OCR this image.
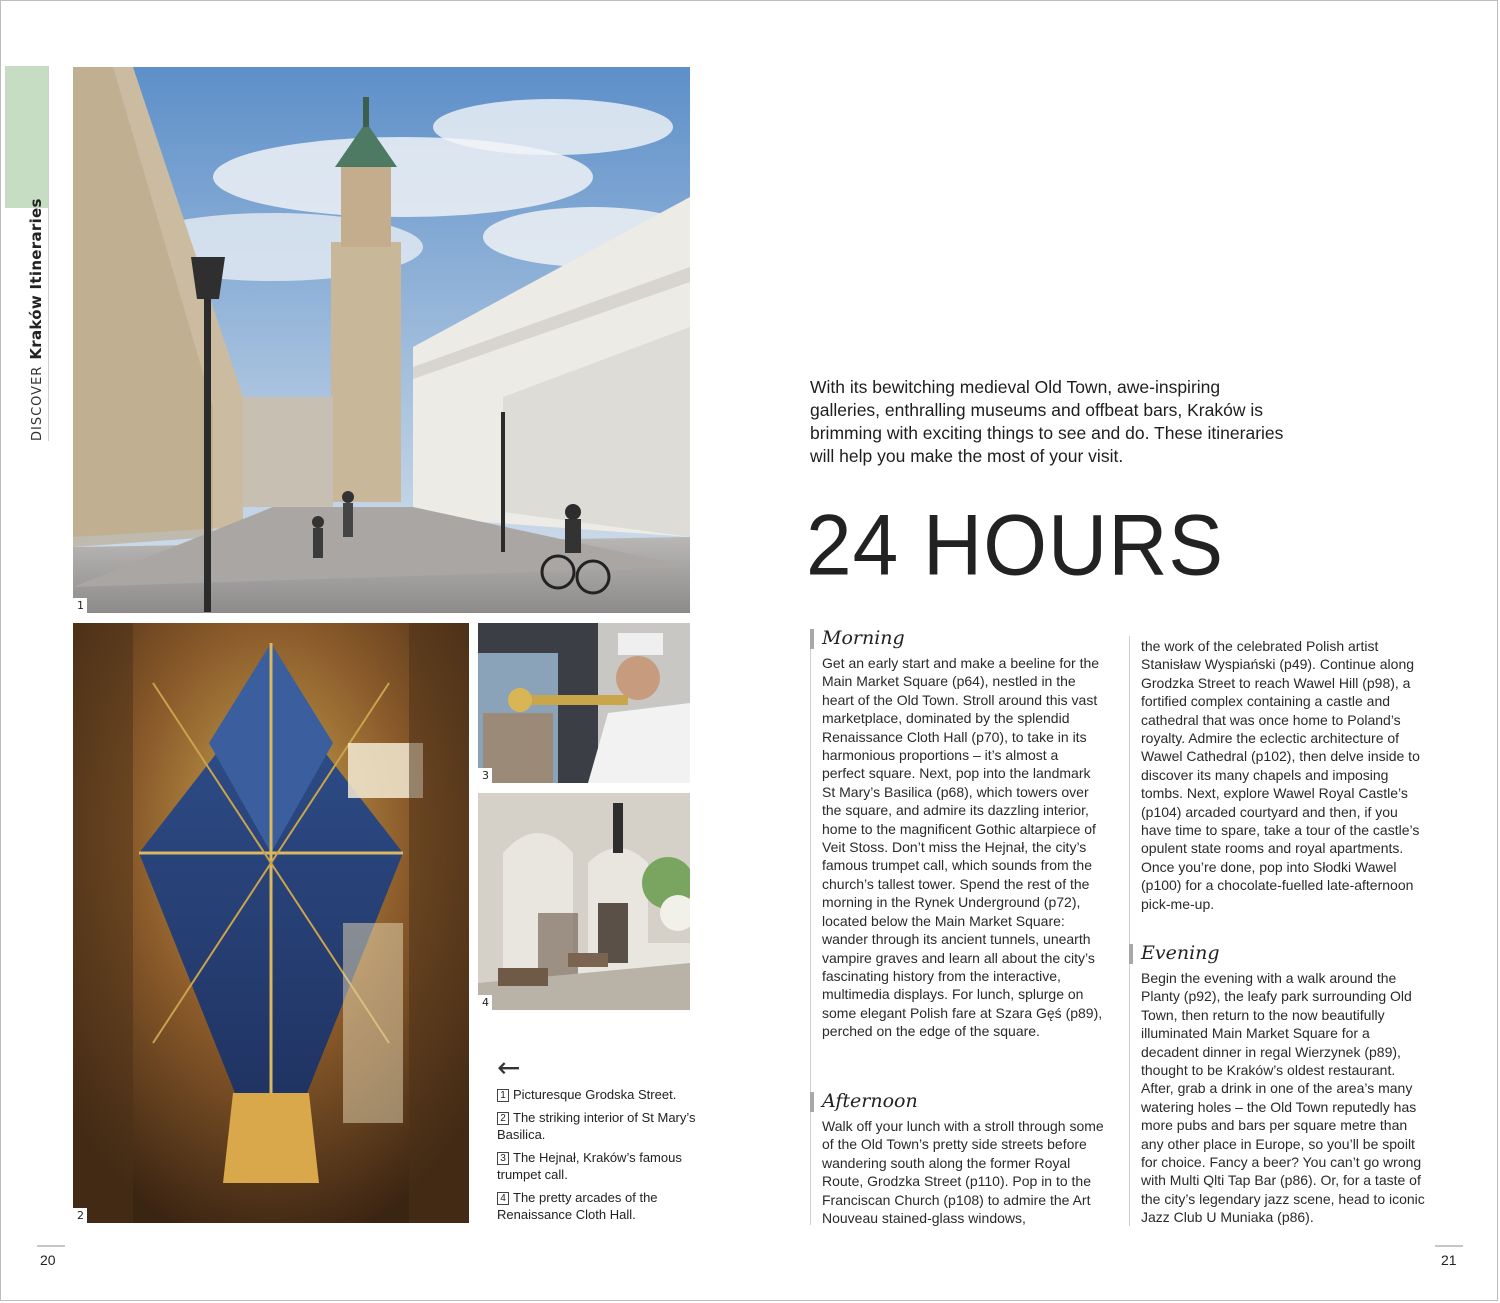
DISCOVERKraków Itineraries
1
2
3
4
←
1 Picturesque Grodska Street.
2 The striking interior of St Mary’s Basilica.
3 The Hejnał, Kraków’s famous trumpet call.
4 The pretty arcades of the Renaissance Cloth Hall.
With its bewitching medieval Old Town, awe-inspiring galleries, enthralling museums and offbeat bars, Kraków is brimming with exciting things to see and do. These itineraries will help you make the most of your visit.
24 HOURS
Morning

Get an early start and make a beeline for the Main Market Square (p64), nestled in the heart of the Old Town. Stroll around this vast marketplace, dominated by the splendid Renaissance Cloth Hall (p70), to take in its harmonious proportions – it’s almost a perfect square. Next, pop into the landmark St Mary’s Basilica (p68), which towers over the square, and admire its dazzling interior, home to the magnificent Gothic altarpiece of Veit Stoss. Don’t miss the Hejnał, the city’s famous trumpet call, which sounds from the church’s tallest tower. Spend the rest of the morning in the Rynek Underground (p72), located below the Main Market Square: wander through its ancient tunnels, unearth vampire graves and learn all about the city’s fascinating history from the interactive, multimedia displays. For lunch, splurge on some elegant Polish fare at Szara Gęś (p89), perched on the edge of the square.

Afternoon

Walk off your lunch with a stroll through some of the Old Town’s pretty side streets before wandering south along the former Royal Route, Grodzka Street (p110). Pop in to the Franciscan Church (p108) to admire the Art Nouveau stained-glass windows,

the work of the celebrated Polish artist Stanisław Wyspiański (p49). Continue along Grodzka Street to reach Wawel Hill (p98), a fortified complex containing a castle and cathedral that was once home to Poland’s royalty. Admire the eclectic architecture of Wawel Cathedral (p102), then delve inside to discover its many chapels and imposing tombs. Next, explore Wawel Royal Castle’s (p104) arcaded courtyard and then, if you have time to spare, take a tour of the castle’s opulent state rooms and royal apartments. Once you’re done, pop into Słodki Wawel (p100) for a chocolate-fuelled late-afternoon pick-me-up.

Evening

Begin the evening with a walk around the Planty (p92), the leafy park surrounding Old Town, then return to the now beautifully illuminated Main Market Square for a decadent dinner in regal Wierzynek (p89), thought to be Kraków’s oldest restaurant. After, grab a drink in one of the area’s many watering holes – the Old Town reputedly has more pubs and bars per square metre than any other place in Europe, so you’ll be spoilt for choice. Fancy a beer? You can’t go wrong with Multi Qlti Tap Bar (p86). Or, for a taste of the city’s legendary jazz scene, head to iconic Jazz Club U Muniaka (p86).

20	21
